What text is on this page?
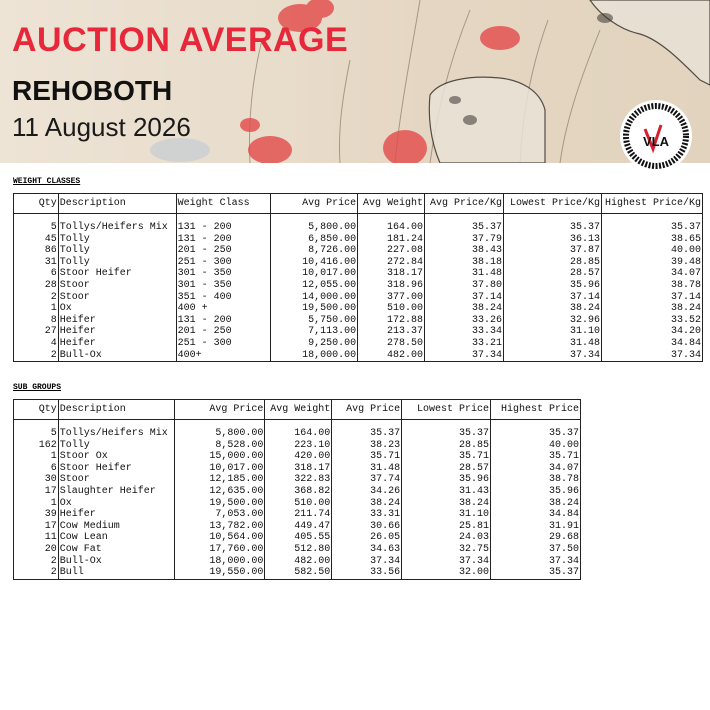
AUCTION AVERAGE
REHOBOTH
11 August 2026	VLA
WEIGHT CLASSES
Qty	Description	Weight Class	Avg Price	Avg Weight	Avg Price/Kg	Lowest Price/Kg	Highest Price/Kg
5	Tollys/Heifers Mix	131 - 200	5,800.00	164.00	35.37	35.37	35.37
45	Tolly	131 - 200	6,850.00	181.24	37.79	36.13	38.65
86	Tolly	201 - 250	8,726.00	227.08	38.43	37.87	40.00
31	Tolly	251 - 300	10,416.00	272.84	38.18	28.85	39.48
6	Stoor Heifer	301 - 350	10,017.00	318.17	31.48	28.57	34.07
28	Stoor	301 - 350	12,055.00	318.96	37.80	35.96	38.78
2	Stoor	351 - 400	14,000.00	377.00	37.14	37.14	37.14
1	Ox	400 +	19,500.00	510.00	38.24	38.24	38.24
8	Heifer	131 - 200	5,750.00	172.88	33.26	32.96	33.52
27	Heifer	201 - 250	7,113.00	213.37	33.34	31.10	34.20
4	Heifer	251 - 300	9,250.00	278.50	33.21	31.48	34.84
2	Bull-Ox	400+	18,000.00	482.00	37.34	37.34	37.34
SUB GROUPS
Qty	Description	Avg Price	Avg Weight	Avg Price	Lowest Price	Highest Price
5	Tollys/Heifers Mix	5,800.00	164.00	35.37	35.37	35.37
162	Tolly	8,528.00	223.10	38.23	28.85	40.00
1	Stoor Ox	15,000.00	420.00	35.71	35.71	35.71
6	Stoor Heifer	10,017.00	318.17	31.48	28.57	34.07
30	Stoor	12,185.00	322.83	37.74	35.96	38.78
17	Slaughter Heifer	12,635.00	368.82	34.26	31.43	35.96
1	Ox	19,500.00	510.00	38.24	38.24	38.24
39	Heifer	7,053.00	211.74	33.31	31.10	34.84
17	Cow Medium	13,782.00	449.47	30.66	25.81	31.91
11	Cow Lean	10,564.00	405.55	26.05	24.03	29.68
20	Cow Fat	17,760.00	512.80	34.63	32.75	37.50
2	Bull-Ox	18,000.00	482.00	37.34	37.34	37.34
2	Bull	19,550.00	582.50	33.56	32.00	35.37
